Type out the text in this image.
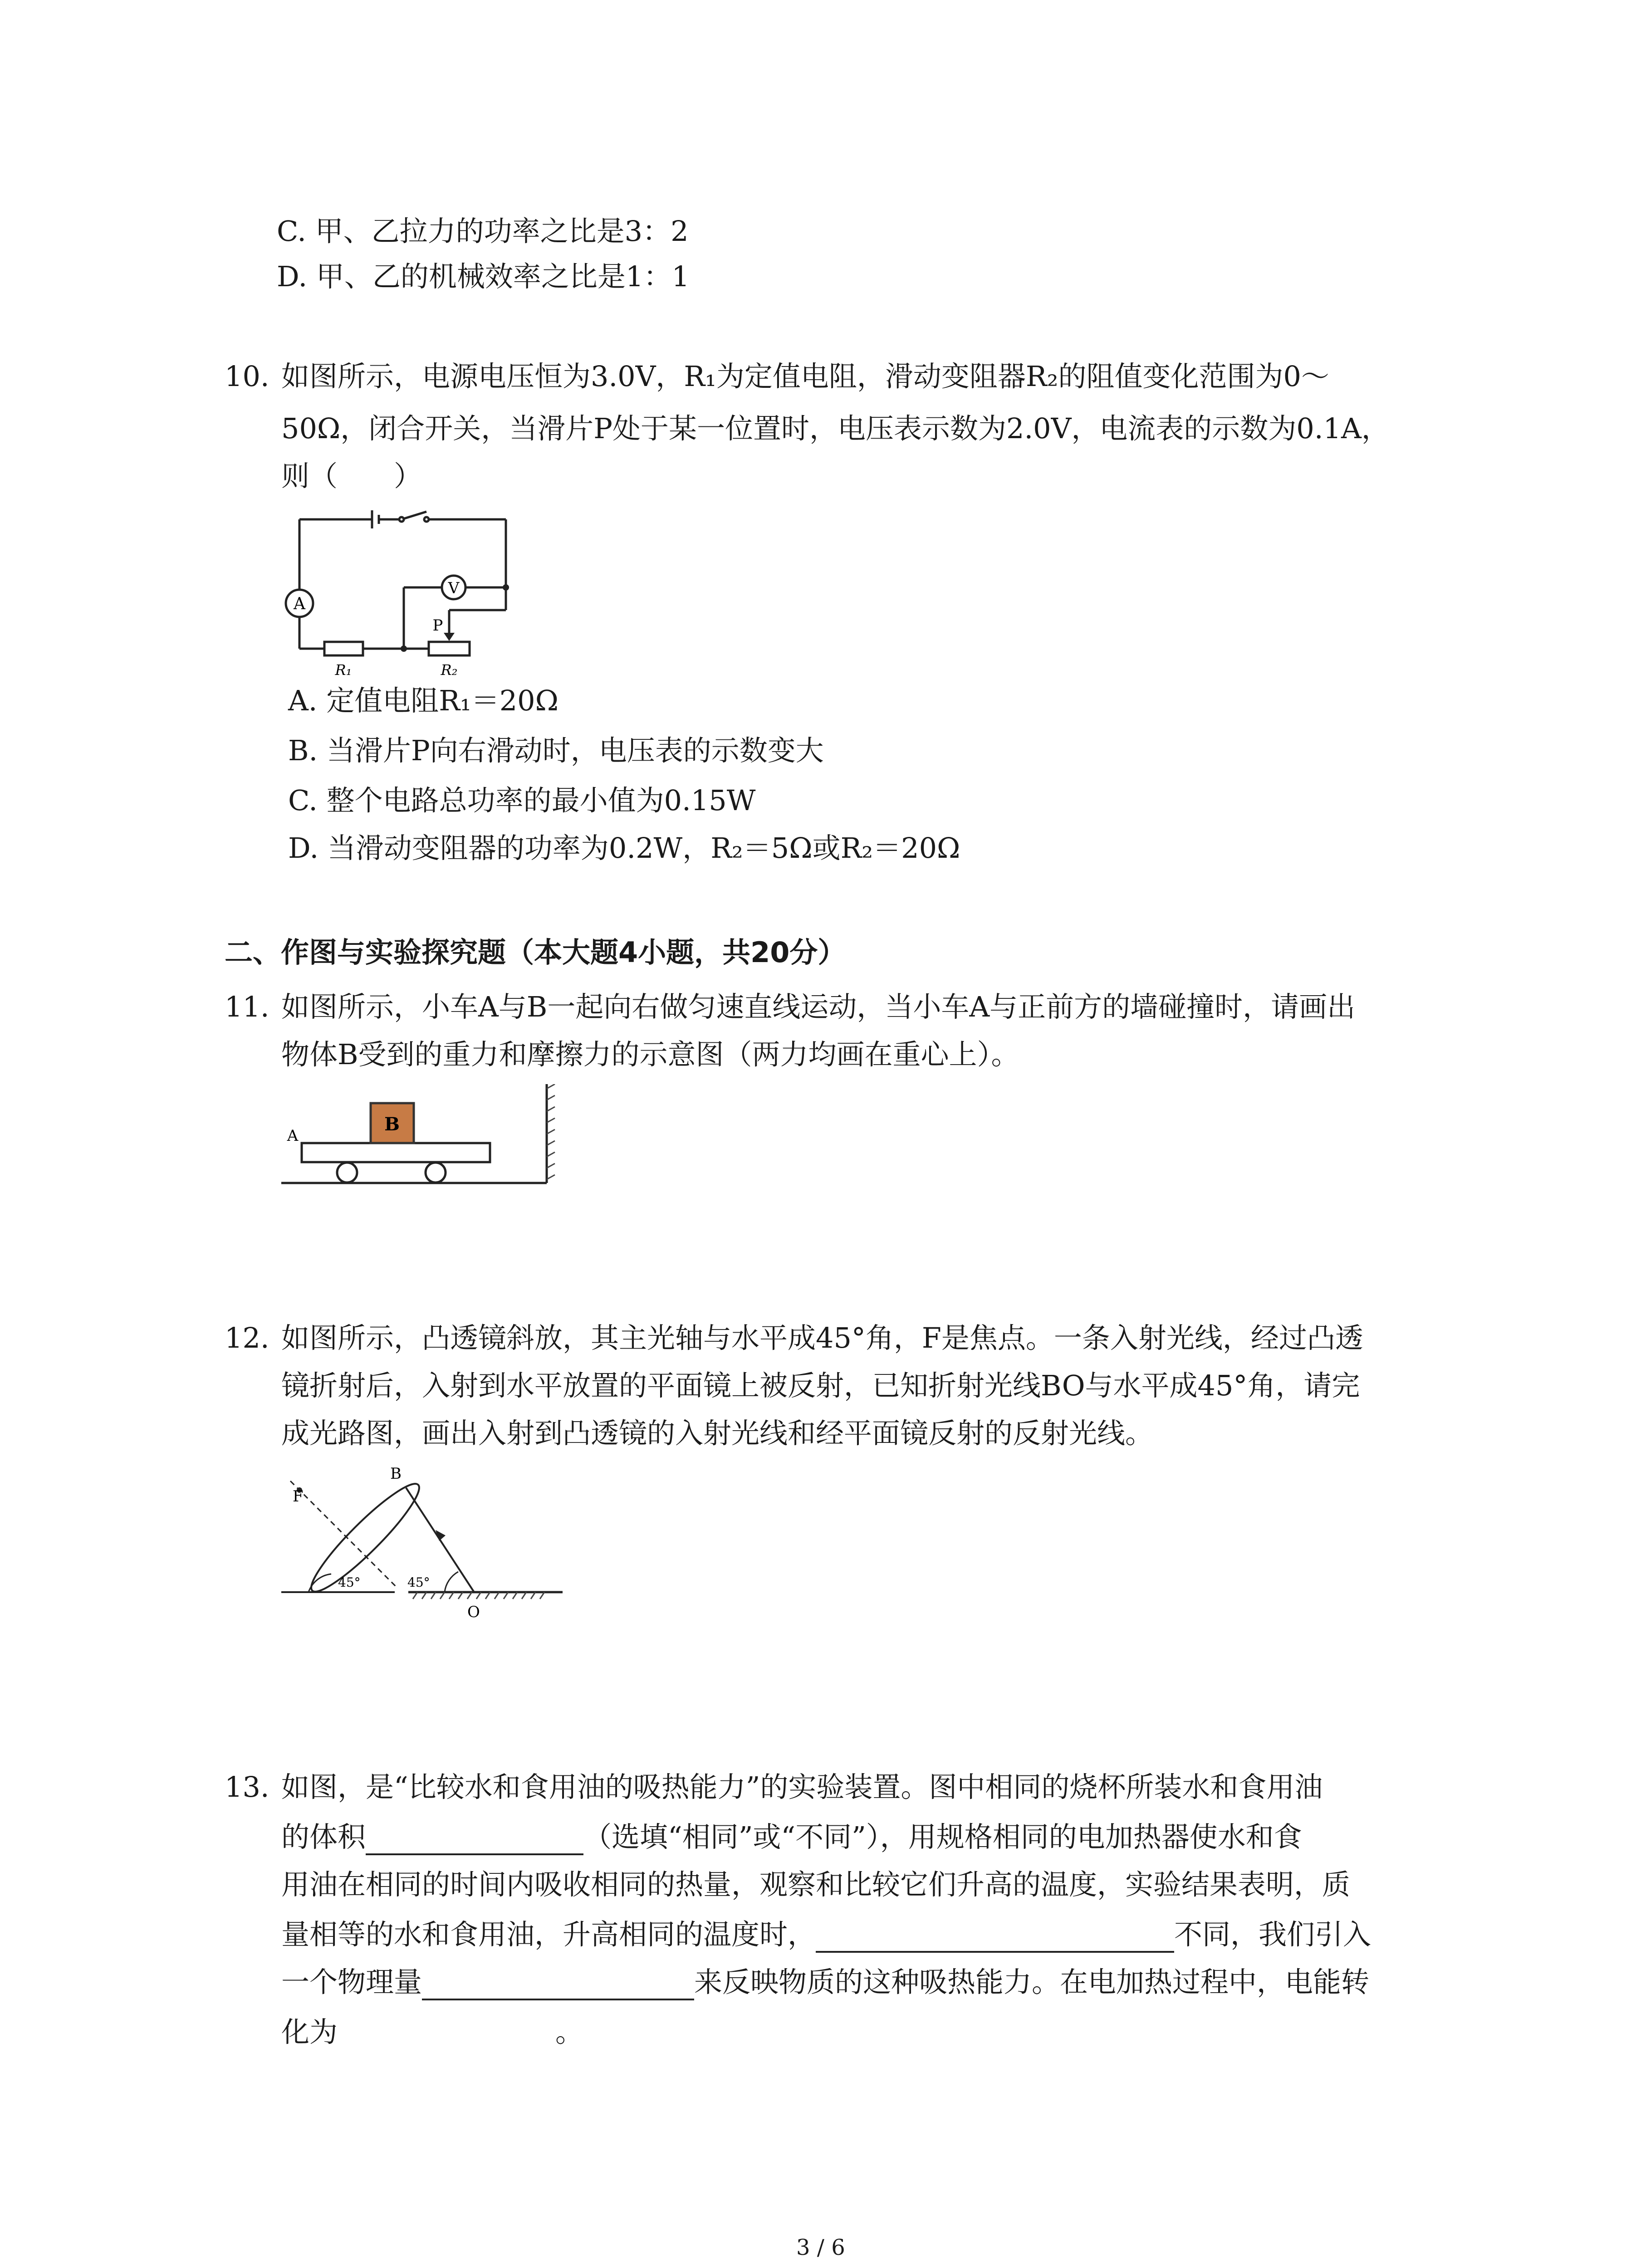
C. 甲、乙拉力的功率之比是3：2
D. 甲、乙的机械效率之比是1：1
10. 如图所示，电源电压恒为3.0V，R₁为定值电阻，滑动变阻器R₂的阻值变化范围为0～
50Ω，闭合开关，当滑片P处于某一位置时，电压表示数为2.0V，电流表的示数为0.1A，
则（　　）
A
V
P
R₁	R₂
A. 定值电阻R₁＝20Ω
B. 当滑片P向右滑动时，电压表的示数变大
C. 整个电路总功率的最小值为0.15W
D. 当滑动变阻器的功率为0.2W，R₂＝5Ω或R₂＝20Ω
二、作图与实验探究题（本大题4小题，共20分）
11. 如图所示，小车A与B一起向右做匀速直线运动，当小车A与正前方的墙碰撞时，请画出
物体B受到的重力和摩擦力的示意图（两力均画在重心上）。
B
A
12. 如图所示，凸透镜斜放，其主光轴与水平成45°角，F是焦点。一条入射光线，经过凸透
镜折射后，入射到水平放置的平面镜上被反射，已知折射光线BO与水平成45°角，请完
成光路图，画出入射到凸透镜的入射光线和经平面镜反射的反射光线。
F
B
O
45°	45°
13. 如图，是“比较水和食用油的吸热能力”的实验装置。图中相同的烧杯所装水和食用油
的体积	（选填“相同”或“不同”），用规格相同的电加热器使水和食
用油在相同的时间内吸收相同的热量，观察和比较它们升高的温度，实验结果表明，质
量相等的水和食用油，升高相同的温度时，	不同，我们引入
一个物理量	来反映物质的这种吸热能力。在电加热过程中，电能转
化为	。
3 / 6
